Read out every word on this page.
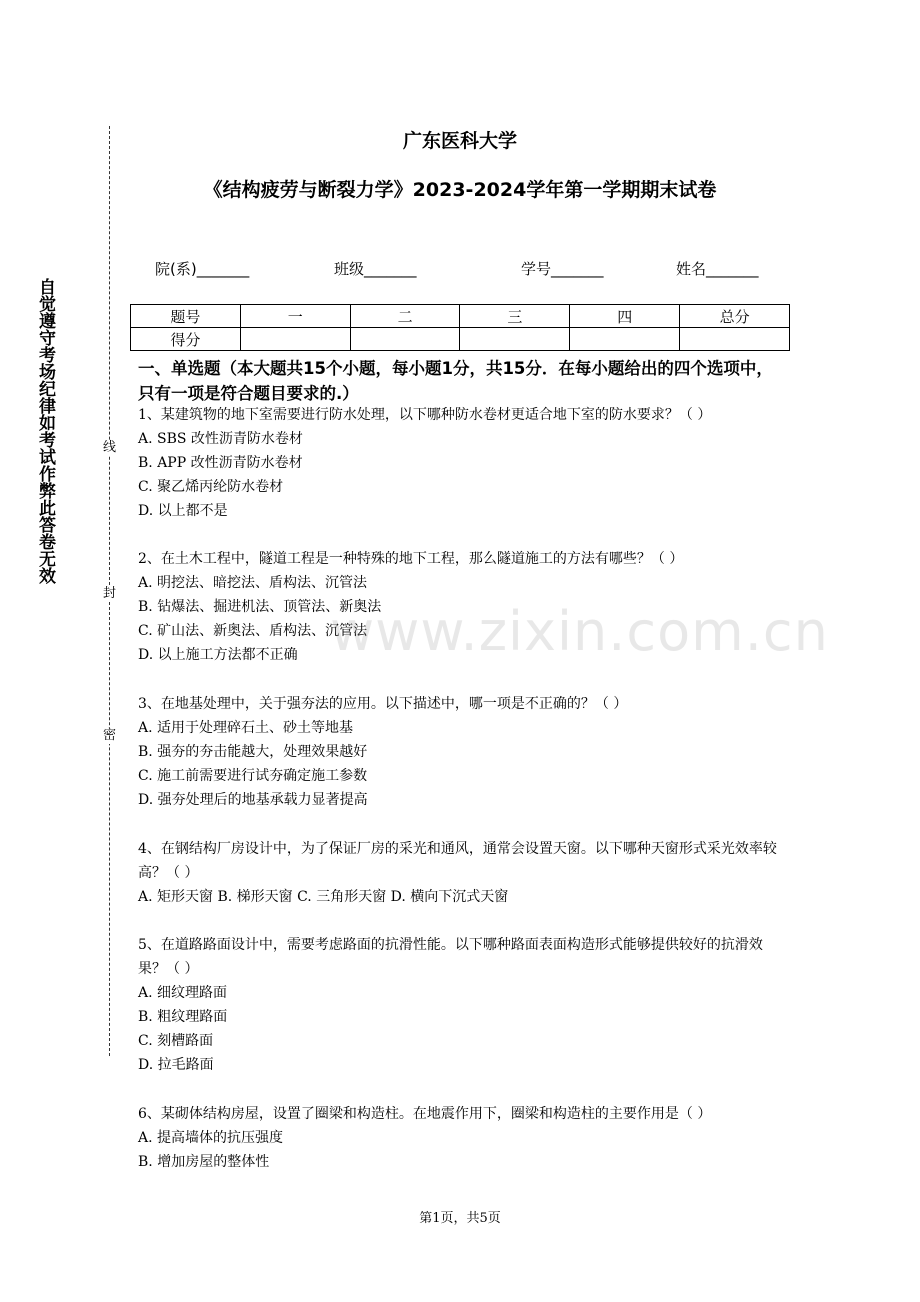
自觉遵守考场纪律如考试作弊此答卷无效	线
封
密
广东医科大学
《结构疲劳与断裂力学》2023-2024学年第一学期期末试卷
院(系)_______	班级_______	学号_______	姓名_______
题号	一	二	三	四	总分
得分					
一、单选题（本大题共15个小题，每小题1分，共15分．在每小题给出的四个选项中，只有一项是符合题目要求的.）

1、某建筑物的地下室需要进行防水处理，以下哪种防水卷材更适合地下室的防水要求？（ ）

A. SBS 改性沥青防水卷材

B. APP 改性沥青防水卷材

C. 聚乙烯丙纶防水卷材

D. 以上都不是

2、在土木工程中，隧道工程是一种特殊的地下工程，那么隧道施工的方法有哪些？（ ）

A. 明挖法、暗挖法、盾构法、沉管法

B. 钻爆法、掘进机法、顶管法、新奥法

C. 矿山法、新奥法、盾构法、沉管法

D. 以上施工方法都不正确

3、在地基处理中，关于强夯法的应用。以下描述中，哪一项是不正确的？（ ）

A. 适用于处理碎石土、砂土等地基

B. 强夯的夯击能越大，处理效果越好

C. 施工前需要进行试夯确定施工参数

D. 强夯处理后的地基承载力显著提高

4、在钢结构厂房设计中，为了保证厂房的采光和通风，通常会设置天窗。以下哪种天窗形式采光效率较高？（ ）

A. 矩形天窗 B. 梯形天窗 C. 三角形天窗 D. 横向下沉式天窗

5、在道路路面设计中，需要考虑路面的抗滑性能。以下哪种路面表面构造形式能够提供较好的抗滑效果？（ ）

A. 细纹理路面

B. 粗纹理路面

C. 刻槽路面

D. 拉毛路面

6、某砌体结构房屋，设置了圈梁和构造柱。在地震作用下，圈梁和构造柱的主要作用是（ ）

A. 提高墙体的抗压强度

B. 增加房屋的整体性

www.zixin.com.cn
第1页，共5页
